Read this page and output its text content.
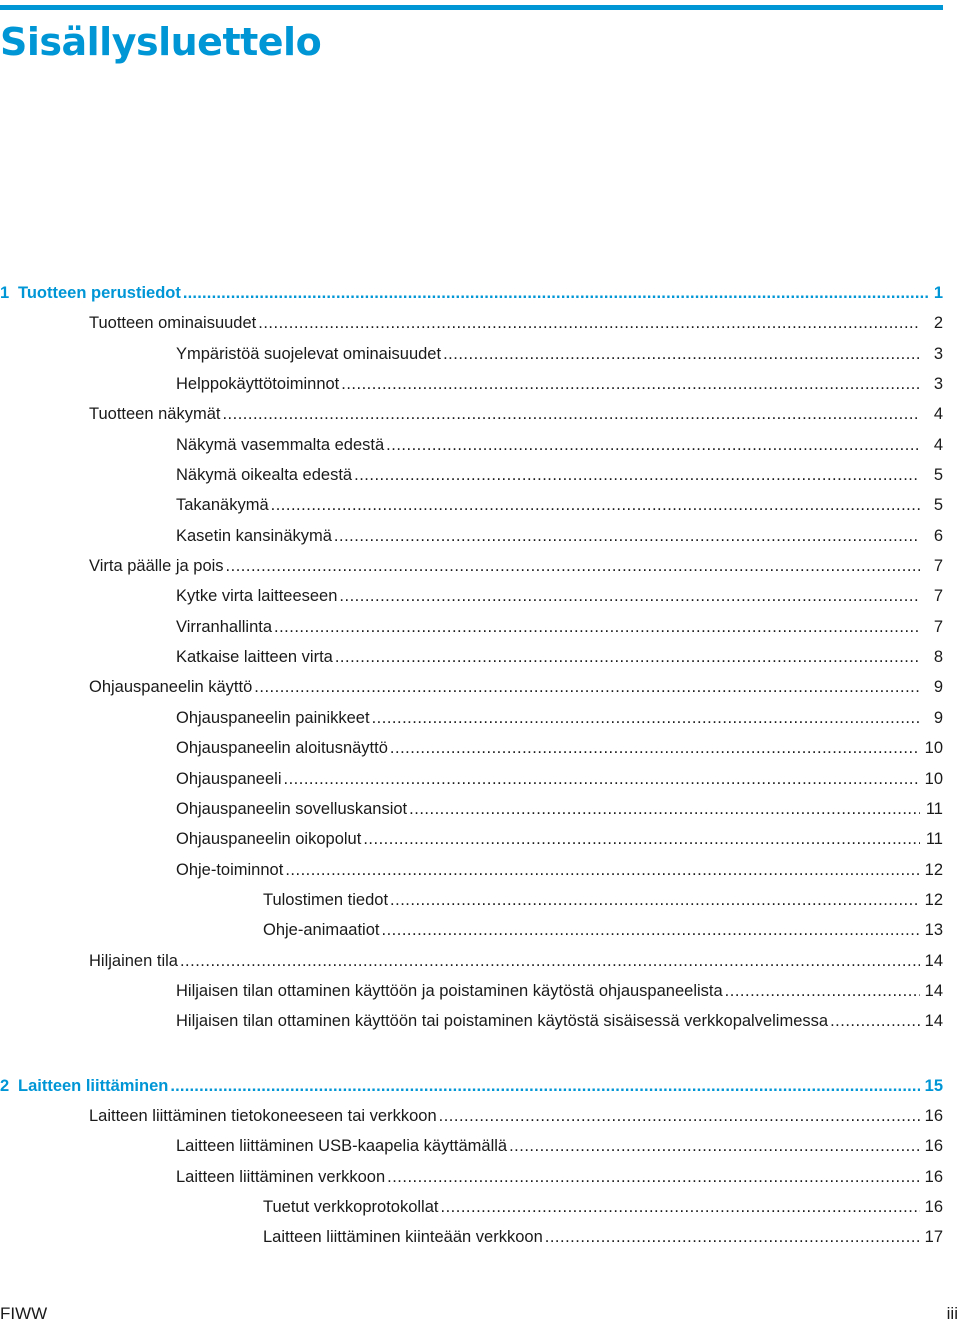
Sisällysluettelo
1 Tuotteen perustiedot .....	1
Tuotteen ominaisuudet .....	2
Ympäristöä suojelevat ominaisuudet .....	3
Helppokäyttötoiminnot .....	3
Tuotteen näkymät .....	4
Näkymä vasemmalta edestä .....	4
Näkymä oikealta edestä .....	5
Takanäkymä .....	5
Kasetin kansinäkymä .....	6
Virta päälle ja pois .....	7
Kytke virta laitteeseen .....	7
Virranhallinta .....	7
Katkaise laitteen virta .....	8
Ohjauspaneelin käyttö .....	9
Ohjauspaneelin painikkeet .....	9
Ohjauspaneelin aloitusnäyttö .....	10
Ohjauspaneeli .....	10
Ohjauspaneelin sovelluskansiot .....	11
Ohjauspaneelin oikopolut .....	11
Ohje-toiminnot .....	12
Tulostimen tiedot .....	12
Ohje-animaatiot .....	13
Hiljainen tila .....	14
Hiljaisen tilan ottaminen käyttöön ja poistaminen käytöstä ohjauspaneelista .....	14
Hiljaisen tilan ottaminen käyttöön tai poistaminen käytöstä sisäisessä verkkopalvelimessa .....	14
2 Laitteen liittäminen .....	15
Laitteen liittäminen tietokoneeseen tai verkkoon .....	16
Laitteen liittäminen USB-kaapelia käyttämällä .....	16
Laitteen liittäminen verkkoon .....	16
Tuetut verkkoprotokollat .....	16
Laitteen liittäminen kiinteään verkkoon .....	17
FIWW	iii
